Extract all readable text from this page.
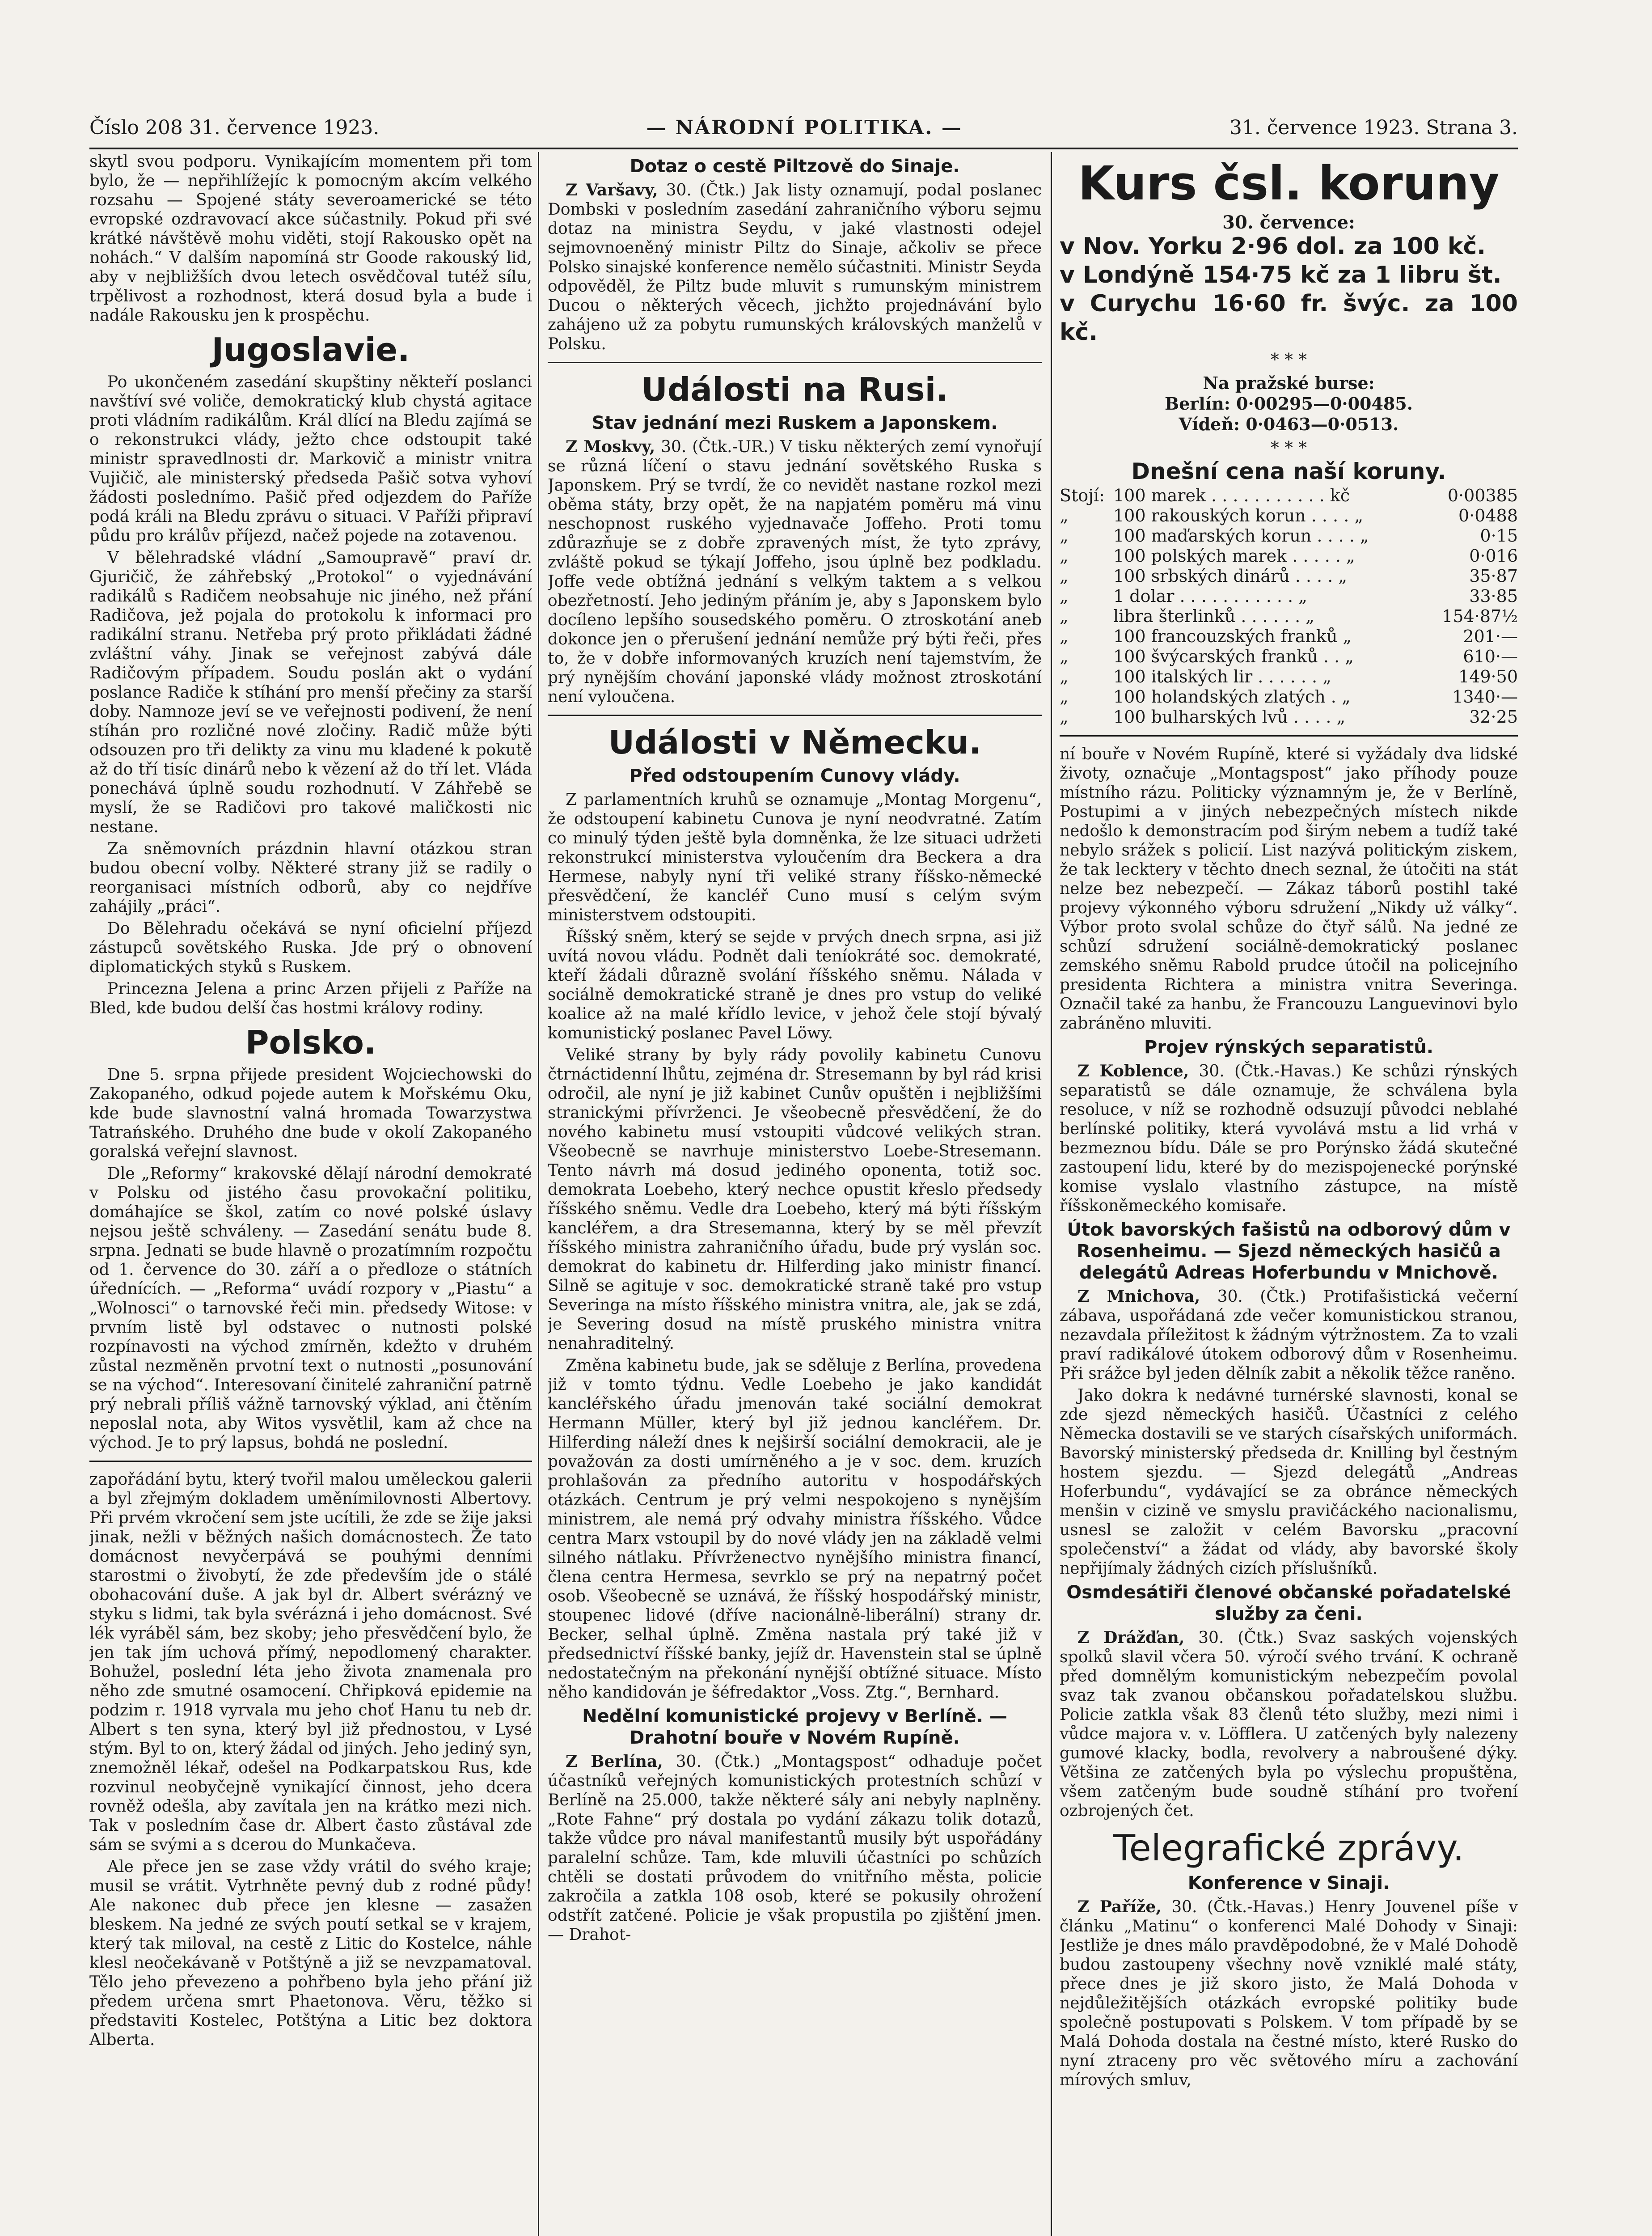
Číslo 208 31. července 1923.	— NÁRODNÍ POLITIKA. —	31. července 1923. Strana 3.

skytl svou podporu. Vynikajícím momentem při tom bylo, že — nepřihlížejíc k pomocným akcím velkého rozsahu — Spojené státy severoamerické se této evropské ozdravovací akce súčastnily. Pokud při své krátké návštěvě mohu viděti, stojí Rakousko opět na nohách.“ V dalším napomíná str Goode rakouský lid, aby v nejbližších dvou letech osvědčoval tutéž sílu, trpělivost a rozhodnost, která dosud byla a bude i nadále Rakousku jen k prospěchu.

Jugoslavie.

Po ukončeném zasedání skupštiny někteří poslanci navštíví své voliče, demokratický klub chystá agitace proti vládním radikálům. Král dlící na Bledu zajímá se o rekonstrukci vlády, ježto chce odstoupit také ministr spravedlnosti dr. Markovič a ministr vnitra Vujičič, ale ministerský předseda Pašič sotva vyhoví žádosti poslednímo. Pašič před odjezdem do Paříže podá králi na Bledu zprávu o situaci. V Paříži připraví půdu pro králův příjezd, načež pojede na zotavenou.

V bělehradské vládní „Samoupravě“ praví dr. Gjuričič, že záhřebský „Protokol“ o vyjednávání radikálů s Radičem neobsahuje nic jiného, než přání Radičova, jež pojala do protokolu k informaci pro radikální stranu. Netřeba prý proto přikládati žádné zvláštní váhy. Jinak se veřejnost zabývá dále Radičovým případem. Soudu poslán akt o vydání poslance Radiče k stíhání pro menší přečiny za starší doby. Namnoze jeví se ve veřejnosti podivení, že není stíhán pro rozličné nové zločiny. Radič může býti odsouzen pro tři delikty za vinu mu kladené k pokutě až do tří tisíc dinárů nebo k vězení až do tří let. Vláda ponechává úplně soudu rozhodnutí. V Záhřebě se myslí, že se Radičovi pro takové maličkosti nic nestane.

Za sněmovních prázdnin hlavní otázkou stran budou obecní volby. Některé strany již se radily o reorganisaci místních odborů, aby co nejdříve zahájily „práci“.

Do Bělehradu očekává se nyní oficielní příjezd zástupců sovětského Ruska. Jde prý o obnovení diplomatických styků s Ruskem.

Princezna Jelena a princ Arzen přijeli z Paříže na Bled, kde budou delší čas hostmi královy rodiny.

Polsko.

Dne 5. srpna přijede president Wojciechowski do Zakopaného, odkud pojede autem k Mořskému Oku, kde bude slavnostní valná hromada Towarzystwa Tatrańského. Druhého dne bude v okolí Zakopaného goralská veřejní slavnost.

Dle „Reformy“ krakovské dělají národní demokraté v Polsku od jistého času provokační politiku, domáhajíce se škol, zatím co nové polské úslavy nejsou ještě schváleny. — Zasedání senátu bude 8. srpna. Jednati se bude hlavně o prozatímním rozpočtu od 1. července do 30. září a o předloze o státních úřednících. — „Reforma“ uvádí rozpory v „Piastu“ a „Wolnosci“ o tarnovské řeči min. předsedy Witose: v prvním listě byl odstavec o nutnosti polské rozpínavosti na východ zmírněn, kdežto v druhém zůstal nezměněn prvotní text o nutnosti „posunování se na východ“. Interesovaní činitelé zahraniční patrně prý nebrali příliš vážně tarnovský výklad, ani čtěním neposlal nota, aby Witos vysvětlil, kam až chce na východ. Je to prý lapsus, bohdá ne poslední.

zapořádání bytu, který tvořil malou uměleckou galerii a byl zřejmým dokladem uměnímilovnosti Albertovy. Při prvém vkročení sem jste ucítili, že zde se žije jaksi jinak, nežli v běžných našich domácnostech. Že tato domácnost nevyčerpává se pouhými denními starostmi o živobytí, že zde především jde o stálé obohacování duše. A jak byl dr. Albert svérázný ve styku s lidmi, tak byla svérázná i jeho domácnost. Své lék vyráběl sám, bez skoby; jeho přesvědčení bylo, že jen tak jím uchová přímý, nepodlomený charakter. Bohužel, poslední léta jeho života znamenala pro něho zde smutné osamocení. Chřipková epidemie na podzim r. 1918 vyrvala mu jeho choť Hanu tu neb dr. Albert s ten syna, který byl již přednostou, v Lysé stým. Byl to on, který žádal od jiných. Jeho jediný syn, znemožněl lékař, odešel na Podkarpatskou Rus, kde rozvinul neobyčejně vynikající činnost, jeho dcera rovněž odešla, aby zavítala jen na krátko mezi nich. Tak v posledním čase dr. Albert často zůstával zde sám se svými a s dcerou do Munkačeva.

Ale přece jen se zase vždy vrátil do svého kraje; musil se vrátit. Vytrhněte pevný dub z rodné půdy! Ale nakonec dub přece jen klesne — zasažen bleskem. Na jedné ze svých poutí setkal se v krajem, který tak miloval, na cestě z Litic do Kostelce, náhle klesl neočekávaně v Potštýně a již se nevzpamatoval. Tělo jeho převezeno a pohřbeno byla jeho přání již předem určena smrt Phaetonova. Věru, těžko si představiti Kostelec, Potštýna a Litic bez doktora Alberta.

Dotaz o cestě Piltzově do Sinaje.

Z Varšavy, 30. (Čtk.) Jak listy oznamují, podal poslanec Dombski v posledním zasedání zahraničního výboru sejmu dotaz na ministra Seydu, v jaké vlastnosti odejel sejmovnoeněný ministr Piltz do Sinaje, ačkoliv se přece Polsko sinajské konference nemělo súčastniti. Ministr Seyda odpověděl, že Piltz bude mluvit s rumunským ministrem Ducou o některých věcech, jichžto projednávání bylo zahájeno už za pobytu rumunských královských manželů v Polsku.

Události na Rusi.
Stav jednání mezi Ruskem a Japonskem.

Z Moskvy, 30. (Čtk.-UR.) V tisku některých zemí vynořují se různá líčení o stavu jednání sovětského Ruska s Japonskem. Prý se tvrdí, že co nevidět nastane rozkol mezi oběma státy, brzy opět, že na napjatém poměru má vinu neschopnost ruského vyjednavače Joffeho. Proti tomu zdůrazňuje se z dobře zpravených míst, že tyto zprávy, zvláště pokud se týkají Joffeho, jsou úplně bez podkladu. Joffe vede obtížná jednání s velkým taktem a s velkou obezřetností. Jeho jediným přáním je, aby s Japonskem bylo docíleno lepšího sousedského poměru. O ztroskotání aneb dokonce jen o přerušení jednání nemůže prý býti řeči, přes to, že v dobře informovaných kruzích není tajemstvím, že prý nynějším chování japonské vlády možnost ztroskotání není vyloučena.

Události v Německu.
Před odstoupením Cunovy vlády.

Z parlamentních kruhů se oznamuje „Montag Morgenu“, že odstoupení kabinetu Cunova je nyní neodvratné. Zatím co minulý týden ještě byla domněnka, že lze situaci udržeti rekonstrukcí ministerstva vyloučením dra Beckera a dra Hermese, nabyly nyní tři veliké strany říšsko-německé přesvědčení, že kancléř Cuno musí s celým svým ministerstvem odstoupiti.

Říšský sněm, který se sejde v prvých dnech srpna, asi již uvítá novou vládu. Podnět dali teníokráté soc. demokraté, kteří žádali důrazně svolání říšského sněmu. Nálada v sociálně demokratické straně je dnes pro vstup do veliké koalice až na malé křídlo levice, v jehož čele stojí bývalý komunistický poslanec Pavel Löwy.

Veliké strany by byly rády povolily kabinetu Cunovu čtrnáctidenní lhůtu, zejména dr. Stresemann by byl rád krisi odročil, ale nyní je již kabinet Cunův opuštěn i nejbližšími stranickými přívrženci. Je všeobecně přesvědčení, že do nového kabinetu musí vstoupiti vůdcové velikých stran. Všeobecně se navrhuje ministerstvo Loebe-Stresemann. Tento návrh má dosud jediného oponenta, totiž soc. demokrata Loebeho, který nechce opustit křeslo předsedy říšského sněmu. Vedle dra Loebeho, který má býti říšským kancléřem, a dra Stresemanna, který by se měl převzít říšského ministra zahraničního úřadu, bude prý vyslán soc. demokrat do kabinetu dr. Hilferding jako ministr financí. Silně se agituje v soc. demokratické straně také pro vstup Severinga na místo říšského ministra vnitra, ale, jak se zdá, je Severing dosud na místě pruského ministra vnitra nenahraditelný.

Změna kabinetu bude, jak se sděluje z Berlína, provedena již v tomto týdnu. Vedle Loebeho je jako kandidát kancléřského úřadu jmenován také sociální demokrat Hermann Müller, který byl již jednou kancléřem. Dr. Hilferding náleží dnes k nejširší sociální demokracii, ale je považován za dosti umírněného a je v soc. dem. kruzích prohlašován za předního autoritu v hospodářských otázkách. Centrum je prý velmi nespokojeno s nynějším ministrem, ale nemá prý odvahy ministra říšského. Vůdce centra Marx vstoupil by do nové vlády jen na základě velmi silného nátlaku. Přívrženectvo nynějšího ministra financí, člena centra Hermesa, sevrklo se prý na nepatrný počet osob. Všeobecně se uznává, že říšský hospodářský ministr, stoupenec lidové (dříve nacionálně-liberální) strany dr. Becker, selhal úplně. Změna nastala prý také již v předsednictví říšské banky, jejíž dr. Havenstein stal se úplně nedostatečným na překonání nynější obtížné situace. Místo něho kandidován je šéfredaktor „Voss. Ztg.“, Bernhard.

Nedělní komunistické projevy v Berlíně. — Drahotní bouře v Novém Rupíně.

Z Berlína, 30. (Čtk.) „Montagspost“ odhaduje počet účastníků veřejných komunistických protestních schůzí v Berlíně na 25.000, takže některé sály ani nebyly naplněny. „Rote Fahne“ prý dostala po vydání zákazu tolik dotazů, takže vůdce pro nával manifestantů musily být uspořádány paralelní schůze. Tam, kde mluvili účastníci po schůzích chtěli se dostati průvodem do vnitřního města, policie zakročila a zatkla 108 osob, které se pokusily ohrožení odstřít zatčené. Policie je však propustila po zjištění jmen. — Drahot-

Kurs čsl. koruny
30. července:
v Nov. Yorku 2·96 dol. za 100 kč.
v Londýně 154·75 kč za 1 libru št.
v Curychu 16·60 fr. švýc. za 100 kč.
* * *
Na pražské burse:
Berlín: 0·00295—0·00485.
Vídeň: 0·0463—0·0513.
* * *
Dnešní cena naší koruny.
Stojí:	100 marek . . . . . . . . . . . kč	0·00385
„	100 rakouských korun . . . . „	0·0488
„	100 maďarských korun . . . . „	0·15
„	100 polských marek . . . . . „	0·016
„	100 srbských dinárů . . . . „	35·87
„	1 dolar . . . . . . . . . . . „	33·85
„	libra šterlinků . . . . . . „	154·87½
„	100 francouzských franků „	201·—
„	100 švýcarských franků . . „	610·—
„	100 italských lir . . . . . . „	149·50
„	100 holandských zlatých . „	1340·—
„	100 bulharských lvů . . . . „	32·25

ní bouře v Novém Rupíně, které si vyžádaly dva lidské životy, označuje „Montagspost“ jako příhody pouze místního rázu. Politicky významným je, že v Berlíně, Postupimi a v jiných nebezpečných místech nikde nedošlo k demonstracím pod širým nebem a tudíž také nebylo srážek s policií. List nazývá politickým ziskem, že tak lecktery v těchto dnech seznal, že útočiti na stát nelze bez nebezpečí. — Zákaz táborů postihl také projevy výkonného výboru sdružení „Nikdy už války“. Výbor proto svolal schůze do čtyř sálů. Na jedné ze schůzí sdružení sociálně-demokratický poslanec zemského sněmu Rabold prudce útočil na policejního presidenta Richtera a ministra vnitra Severinga. Označil také za hanbu, že Francouzu Languevinovi bylo zabráněno mluviti.

Projev rýnských separatistů.

Z Koblence, 30. (Čtk.-Havas.) Ke schůzi rýnských separatistů se dále oznamuje, že schválena byla resoluce, v níž se rozhodně odsuzují původci neblahé berlínské politiky, která vyvolává mstu a lid vrhá v bezmeznou bídu. Dále se pro Porýnsko žádá skutečné zastoupení lidu, které by do mezispojenecké porýnské komise vyslalo vlastního zástupce, na místě říšskoněmeckého komisaře.

Útok bavorských fašistů na odborový dům v Rosenheimu. — Sjezd německých hasičů a delegátů Adreas Hoferbundu v Mnichově.

Z Mnichova, 30. (Čtk.) Protifašistická večerní zábava, uspořádaná zde večer komunistickou stranou, nezavdala příležitost k žádným výtržnostem. Za to vzali praví radikálové útokem odborový dům v Rosenheimu. Při srážce byl jeden dělník zabit a několik těžce raněno.

Jako dokra k nedávné turnérské slavnosti, konal se zde sjezd německých hasičů. Účastníci z celého Německa dostavili se ve starých císařských uniformách. Bavorský ministerský předseda dr. Knilling byl čestným hostem sjezdu. — Sjezd delegátů „Andreas Hoferbundu“, vydávající se za obránce německých menšin v cizině ve smyslu pravičáckého nacionalismu, usnesl se založit v celém Bavorsku „pracovní společenství“ a žádat od vlády, aby bavorské školy nepřijímaly žádných cizích příslušníků.

Osmdesátiři členové občanské pořadatelské služby za čeni.

Z Drážďan, 30. (Čtk.) Svaz saských vojenských spolků slavil včera 50. výročí svého trvání. K ochraně před domnělým komunistickým nebezpečím povolal svaz tak zvanou občanskou pořadatelskou službu. Policie zatkla však 83 členů této služby, mezi nimi i vůdce majora v. v. Löfflera. U zatčených byly nalezeny gumové klacky, bodla, revolvery a nabroušené dýky. Většina ze zatčených byla po výslechu propuštěna, všem zatčeným bude soudně stíhání pro tvoření ozbrojených čet.

Telegrafické zprávy.
Konference v Sinaji.

Z Paříže, 30. (Čtk.-Havas.) Henry Jouvenel píše v článku „Matinu“ o konferenci Malé Dohody v Sinaji: Jestliže je dnes málo pravděpodobné, že v Malé Dohodě budou zastoupeny všechny nově vzniklé malé státy, přece dnes je již skoro jisto, že Malá Dohoda v nejdůležitějších otázkách evropské politiky bude společně postupovati s Polskem. V tom případě by se Malá Dohoda dostala na čestné místo, které Rusko do nyní ztraceny pro věc světového míru a zachování mírových smluv,
